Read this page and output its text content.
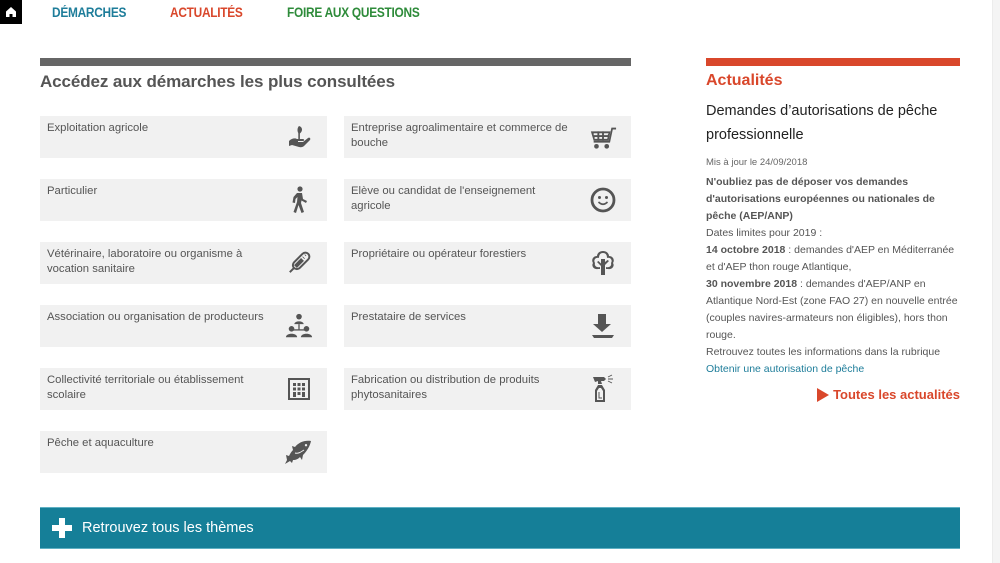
DÉMARCHES	ACTUALITÉS	FOIRE AUX QUESTIONS
Accédez aux démarches les plus consultées
Exploitation agricole	Entreprise agroalimentaire et commerce de bouche
Particulier	Elève ou candidat de l'enseignement agricole
Vétérinaire, laboratoire ou organisme à vocation sanitaire
Propriétaire ou opérateur forestiers
Association ou organisation de producteurs	Prestataire de services
Collectivité territoriale ou établissement scolaire
Fabrication ou distribution de produits phytosanitaires
Pêche et aquaculture
Actualités
Demandes d’autorisations de pêche professionnelle
Mis à jour le 24/09/2018
N'oubliez pas de déposer vos demandes d'autorisations européennes ou nationales de pêche (AEP/ANP)
Dates limites pour 2019 :
14 octobre 2018 : demandes d'AEP en Méditerranée et d'AEP thon rouge Atlantique,
30 novembre 2018 : demandes d'AEP/ANP en Atlantique Nord-Est (zone FAO 27) en nouvelle entrée (couples navires-armateurs non éligibles), hors thon rouge.
Retrouvez toutes les informations dans la rubrique
Obtenir une autorisation de pêche
Toutes les actualités
Retrouvez tous les thèmes
